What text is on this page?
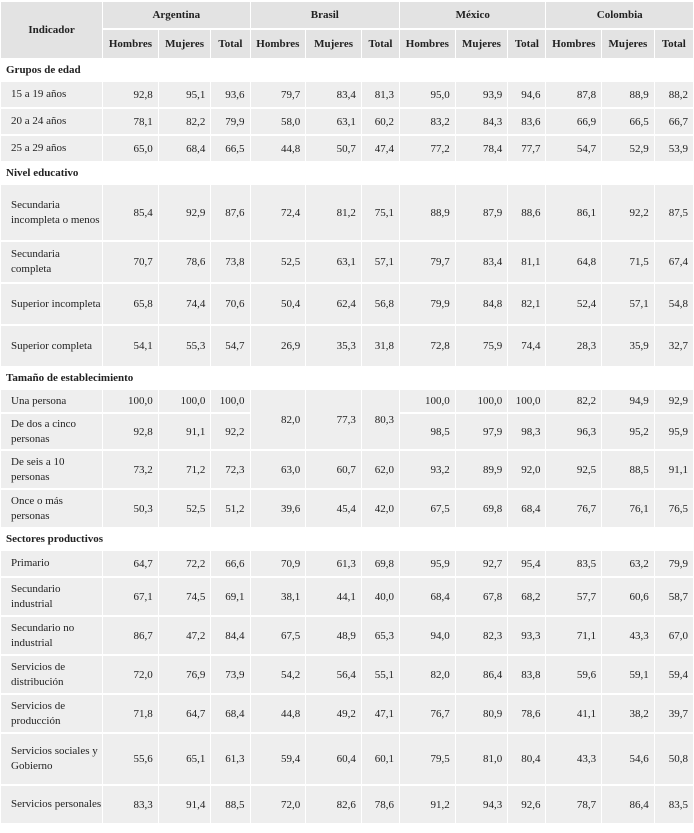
Indicador	Argentina			Brasil			México			Colombia		
	Hombres	Mujeres	Total	Hombres	Mujeres	Total	Hombres	Mujeres	Total	Hombres	Mujeres	Total
Grupos de edad												
15 a 19 años	92,8	95,1	93,6	79,7	83,4	81,3	95,0	93,9	94,6	87,8	88,9	88,2
20 a 24 años	78,1	82,2	79,9	58,0	63,1	60,2	83,2	84,3	83,6	66,9	66,5	66,7
25 a 29 años	65,0	68,4	66,5	44,8	50,7	47,4	77,2	78,4	77,7	54,7	52,9	53,9
Nivel educativo												
Secundaria incompleta o menos	85,4	92,9	87,6	72,4	81,2	75,1	88,9	87,9	88,6	86,1	92,2	87,5
Secundaria completa	70,7	78,6	73,8	52,5	63,1	57,1	79,7	83,4	81,1	64,8	71,5	67,4
Superior incompleta	65,8	74,4	70,6	50,4	62,4	56,8	79,9	84,8	82,1	52,4	57,1	54,8
Superior completa	54,1	55,3	54,7	26,9	35,3	31,8	72,8	75,9	74,4	28,3	35,9	32,7
Tamaño de establecimiento												
Una persona	100,0	100,0	100,0	82,0	77,3	80,3	100,0	100,0	100,0	82,2	94,9	92,9
De dos a cinco personas	92,8	91,1	92,2				98,5	97,9	98,3	96,3	95,2	95,9
De seis a 10 personas	73,2	71,2	72,3	63,0	60,7	62,0	93,2	89,9	92,0	92,5	88,5	91,1
Once o más personas	50,3	52,5	51,2	39,6	45,4	42,0	67,5	69,8	68,4	76,7	76,1	76,5
Sectores productivos												
Primario	64,7	72,2	66,6	70,9	61,3	69,8	95,9	92,7	95,4	83,5	63,2	79,9
Secundario industrial	67,1	74,5	69,1	38,1	44,1	40,0	68,4	67,8	68,2	57,7	60,6	58,7
Secundario no industrial	86,7	47,2	84,4	67,5	48,9	65,3	94,0	82,3	93,3	71,1	43,3	67,0
Servicios de distribución	72,0	76,9	73,9	54,2	56,4	55,1	82,0	86,4	83,8	59,6	59,1	59,4
Servicios de producción	71,8	64,7	68,4	44,8	49,2	47,1	76,7	80,9	78,6	41,1	38,2	39,7
Servicios sociales y Gobierno	55,6	65,1	61,3	59,4	60,4	60,1	79,5	81,0	80,4	43,3	54,6	50,8
Servicios personales	83,3	91,4	88,5	72,0	82,6	78,6	91,2	94,3	92,6	78,7	86,4	83,5
